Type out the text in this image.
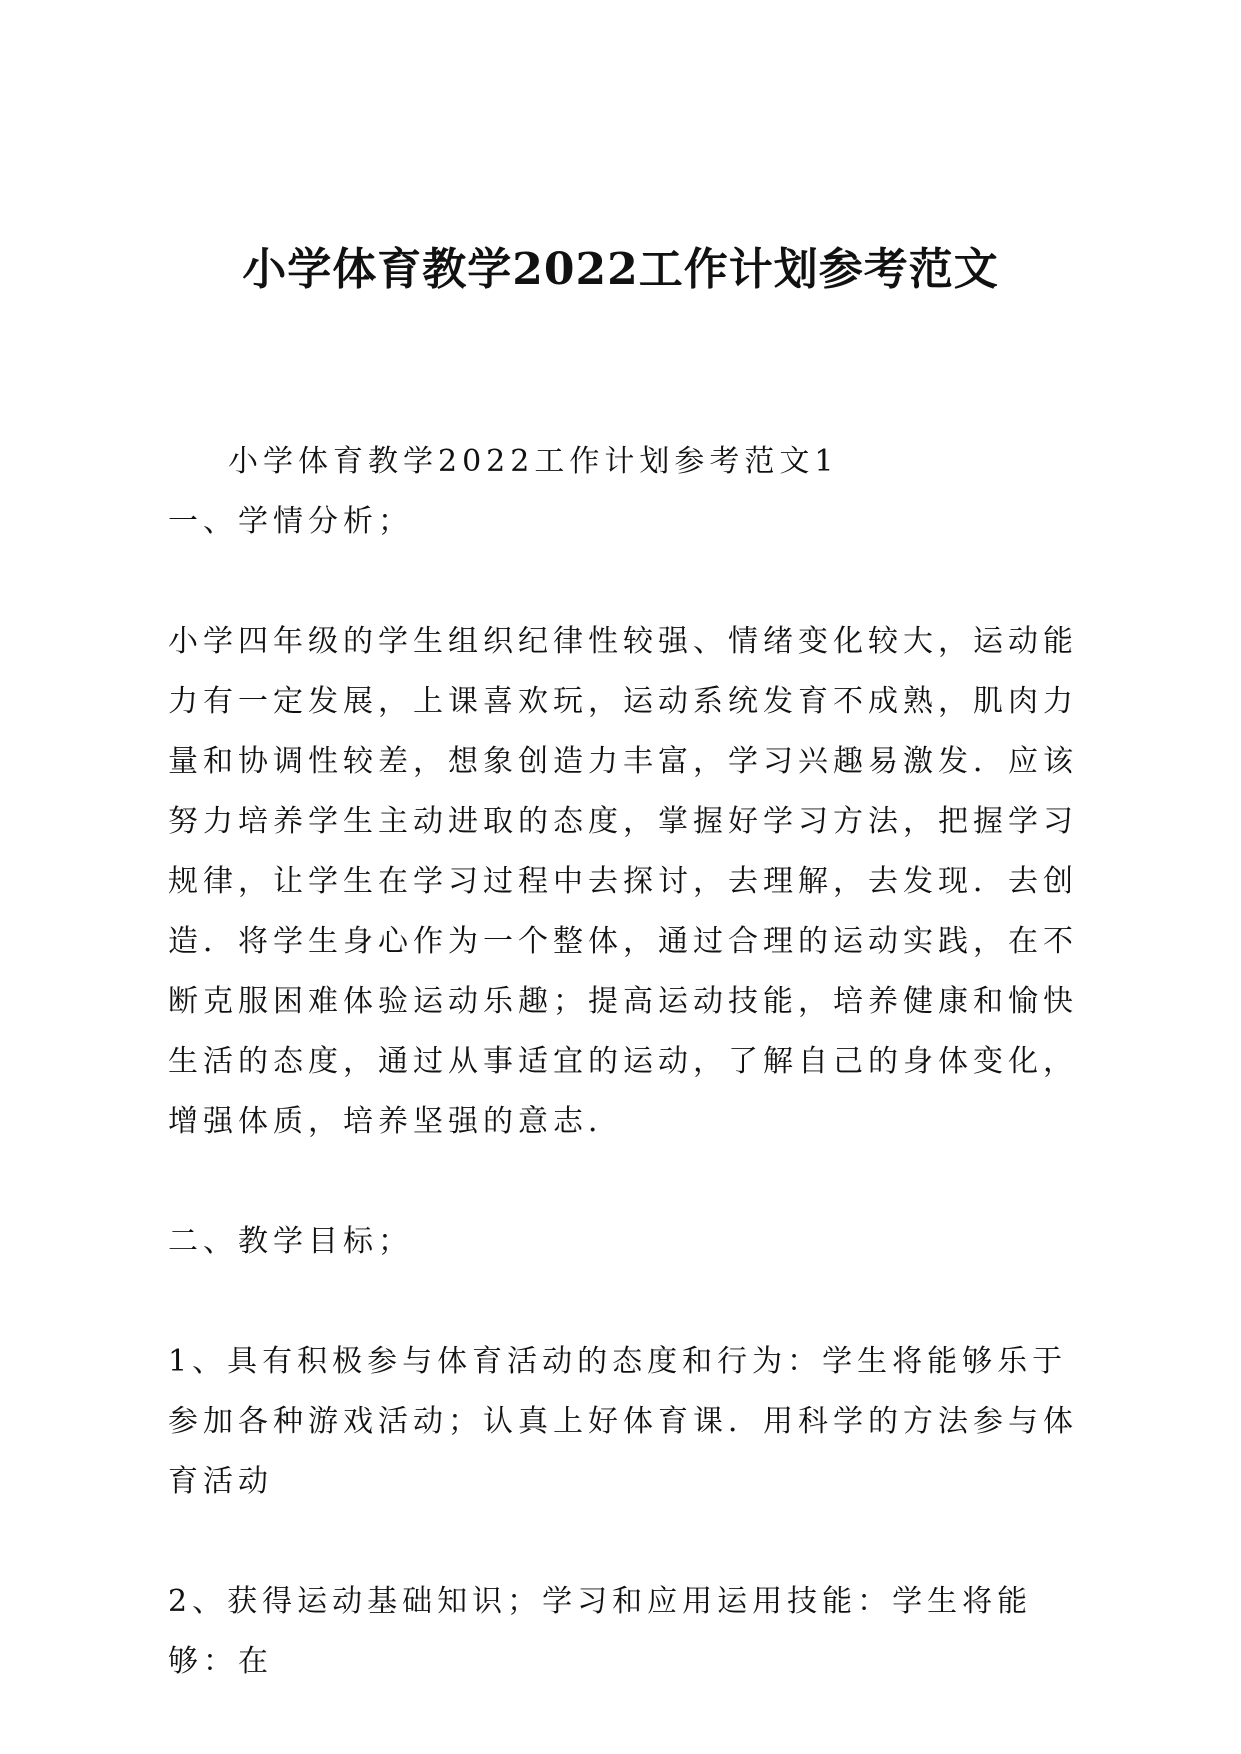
小学体育教学2022工作计划参考范文

小学体育教学2022工作计划参考范文1

一、学情分析；

小学四年级的学生组织纪律性较强、情绪变化较大，运动能力有一定发展，上课喜欢玩，运动系统发育不成熟，肌肉力量和协调性较差，想象创造力丰富，学习兴趣易激发．应该努力培养学生主动进取的态度，掌握好学习方法，把握学习规律，让学生在学习过程中去探讨，去理解，去发现．去创造．将学生身心作为一个整体，通过合理的运动实践，在不断克服困难体验运动乐趣；提高运动技能，培养健康和愉快生活的态度，通过从事适宜的运动，了解自己的身体变化，增强体质，培养坚强的意志．

二、教学目标；

1、具有积极参与体育活动的态度和行为：学生将能够乐于参加各种游戏活动；认真上好体育课．用科学的方法参与体育活动

2、获得运动基础知识；学习和应用运用技能：学生将能够：在
